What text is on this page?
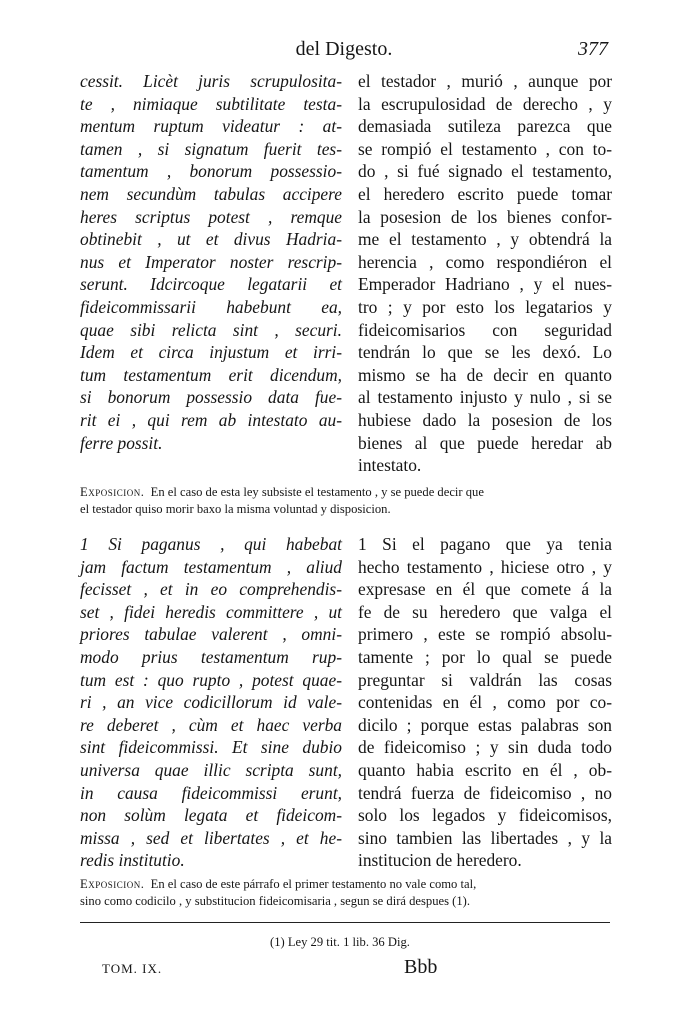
del Digesto.	377
cessit. Licèt juris scrupulosita-
te , nimiaque subtilitate testa-
mentum ruptum videatur : at-
tamen , si signatum fuerit tes-
tamentum , bonorum possessio-
nem secundùm tabulas accipere
heres scriptus potest , remque
obtinebit , ut et divus Hadria-
nus et Imperator noster rescrip-
serunt. Idcircoque legatarii et
fideicommissarii habebunt ea,
quae sibi relicta sint , securi.
Idem et circa injustum et irri-
tum testamentum erit dicendum,
si bonorum possessio data fue-
rit ei , qui rem ab intestato au-
ferre possit.
el testador , murió , aunque por
la escrupulosidad de derecho , y
demasiada sutileza parezca que
se rompió el testamento , con to-
do , si fué signado el testamento,
el heredero escrito puede tomar
la posesion de los bienes confor-
me el testamento , y obtendrá la
herencia , como respondiéron el
Emperador Hadriano , y el nues-
tro ; y por esto los legatarios y
fideicomisarios con seguridad
tendrán lo que se les dexó. Lo
mismo se ha de decir en quanto
al testamento injusto y nulo , si se
hubiese dado la posesion de los
bienes al que puede heredar ab
intestato.
Exposicion. En el caso de esta ley subsiste el testamento , y se puede decir que
el testador quiso morir baxo la misma voluntad y disposicion.
1 Si paganus , qui habebat
jam factum testamentum , aliud
fecisset , et in eo comprehendis-
set , fidei heredis committere , ut
priores tabulae valerent , omni-
modo prius testamentum rup-
tum est : quo rupto , potest quae-
ri , an vice codicillorum id vale-
re deberet , cùm et haec verba
sint fideicommissi. Et sine dubio
universa quae illic scripta sunt,
in causa fideicommissi erunt,
non solùm legata et fideicom-
missa , sed et libertates , et he-
redis institutio.
1 Si el pagano que ya tenia
hecho testamento , hiciese otro , y
expresase en él que comete á la
fe de su heredero que valga el
primero , este se rompió absolu-
tamente ; por lo qual se puede
preguntar si valdrán las cosas
contenidas en él , como por co-
dicilo ; porque estas palabras son
de fideicomiso ; y sin duda todo
quanto habia escrito en él , ob-
tendrá fuerza de fideicomiso , no
solo los legados y fideicomisos,
sino tambien las libertades , y la
institucion de heredero.
Exposicion. En el caso de este párrafo el primer testamento no vale como tal,
sino como codicilo , y substitucion fideicomisaria , segun se dirá despues (1).
(1) Ley 29 tit. 1 lib. 36 Dig.
TOM. IX.	Bbb
